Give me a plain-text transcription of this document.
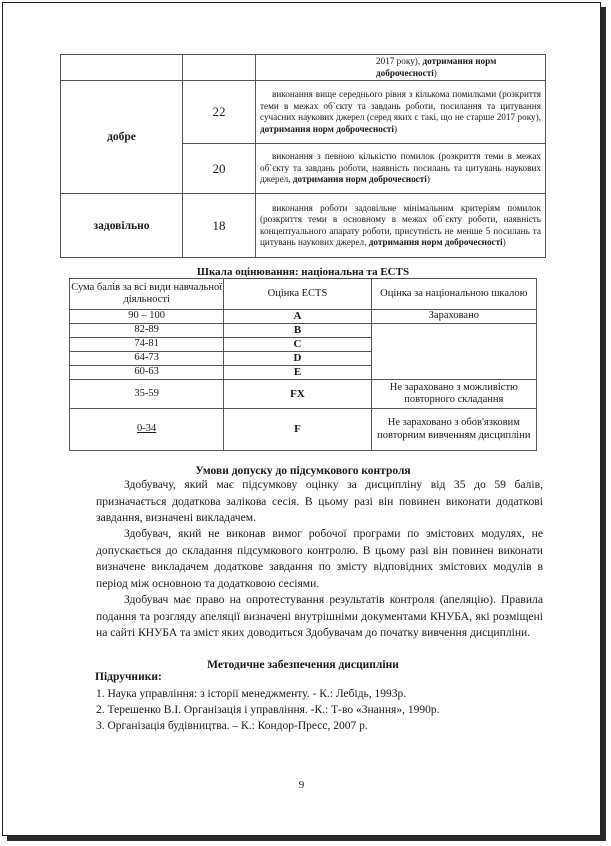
		2017 року), дотримання норм доброчесності)
добре	22	виконання вище середнього рівня з кількома помилками (розкриття теми в межах об`єкту та завдань роботи, посилання та цитування сучасних наукових джерел (серед яких є такі, що не старше 2017 року), дотримання норм доброчесності)

	20	виконання з певною кількістю помилок (розкриття теми в межах об`єкту та завдань роботи, наявність посилань та цитувань наукових джерел, дотримання норм доброчесності)

задовільно	18	виконання роботи задовільне мінімальним критеріям помилок (розкриття теми в основному в межах об`єкту роботи, наявність концептуального апарату роботи, присутність не менше 5 посилань та цитувань наукових джерел, дотримання норм доброчесності)
Шкала оцінювання: національна та ECTS
Сума балів за всі види навчальної діяльності	Оцінка ECTS	Оцінка за національною шкалою
90 – 100	A	Зараховано
82-89	B	
74-81	C	
64-73	D	
60-63	E	
35-59	FX	Не зараховано з можливістю повторного складання
0-34	F	Не зараховано з обов'язковим повторним вивченням дисципліни
Умови допуску до підсумкового контроля
Здобувачу, який має підсумкову оцінку за дисципліну від 35 до 59 балів, призначається додаткова залікова сесія. В цьому разі він повинен виконати додаткові завдання, визначені викладачем.
Здобувач, який не виконав вимог робочої програми по змістових модулях, не допускається до складання підсумкового контролю. В цьому разі він повинен виконати визначене викладачем додаткове завдання по змісту відповідних змістових модулів в період між основною та додатковою сесіями.
Здобувач має право на опротестування результатів контроля (апеляцію). Правила подання та розгляду апеляції визначені внутрішніми документами КНУБА, які розміщені на сайті КНУБА та зміст яких доводиться Здобувачам до початку вивчення дисципліни.
Методичне забезпечення дисципліни
Підручники:
1. Наука управління: з історії менеджменту. - К.: Лебідь, 1993р.
2. Терешенко В.І. Організація і управління. -К.: Т-во «Знання», 1990р.
3. Організація будівництва. – К.: Кондор-Пресс, 2007 р.
9
